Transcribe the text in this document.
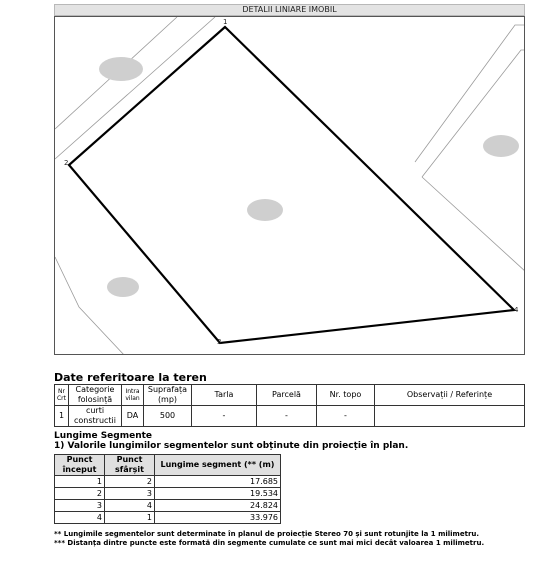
DETALII LINIARE IMOBIL
1
2
3
4
Date referitoare la teren
Nr Crt	Categorie folosință	Intra vilan	Suprafața (mp)	Tarla	Parcelă	Nr. topo	Observații / Referințe
1	curti constructii	DA	500	-	-	-	
Lungime Segmente
1) Valorile lungimilor segmentelor sunt obținute din proiecție în plan.
Punct început	Punct sfârșit	Lungime segment (** (m)
1	2	17.685
2	3	19.534
3	4	24.824
4	1	33.976
** Lungimile segmentelor sunt determinate în planul de proiecție Stereo 70 și sunt rotunjite la 1 milimetru.
*** Distanța dintre puncte este formată din segmente cumulate ce sunt mai mici decât valoarea 1 milimetru.
